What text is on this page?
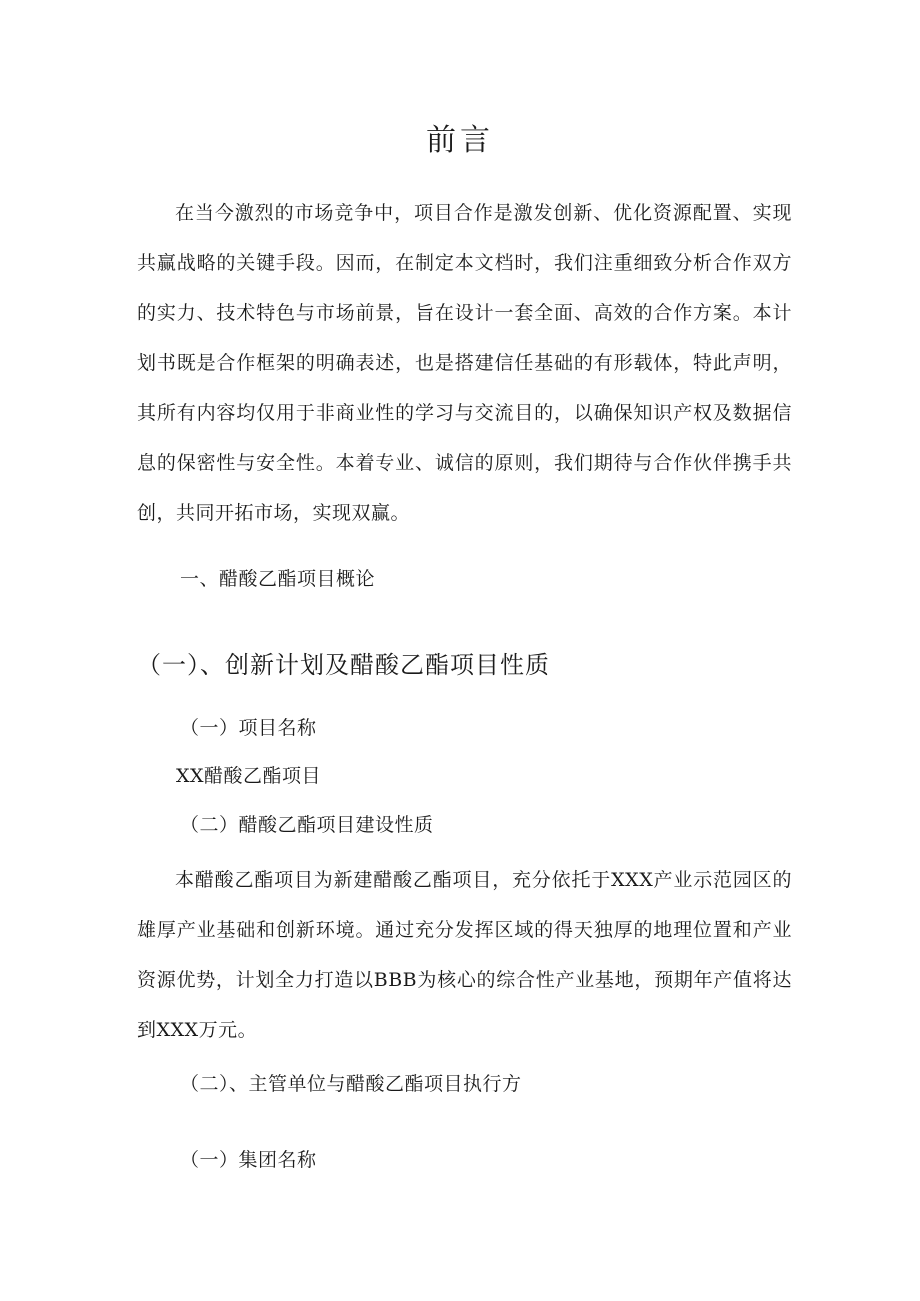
前言

在当今激烈的市场竞争中，项目合作是激发创新、优化资源配置、实现共赢战略的关键手段。因而，在制定本文档时，我们注重细致分析合作双方的实力、技术特色与市场前景，旨在设计一套全面、高效的合作方案。本计划书既是合作框架的明确表述，也是搭建信任基础的有形载体，特此声明，其所有内容均仅用于非商业性的学习与交流目的，以确保知识产权及数据信息的保密性与安全性。本着专业、诚信的原则，我们期待与合作伙伴携手共创，共同开拓市场，实现双赢。

一、醋酸乙酯项目概论
（一）、创新计划及醋酸乙酯项目性质
（一）项目名称
XX醋酸乙酯项目
（二）醋酸乙酯项目建设性质

本醋酸乙酯项目为新建醋酸乙酯项目，充分依托于XXX产业示范园区的雄厚产业基础和创新环境。通过充分发挥区域的得天独厚的地理位置和产业资源优势，计划全力打造以BBB为核心的综合性产业基地，预期年产值将达到XXX万元。

（二）、主管单位与醋酸乙酯项目执行方
（一）集团名称
